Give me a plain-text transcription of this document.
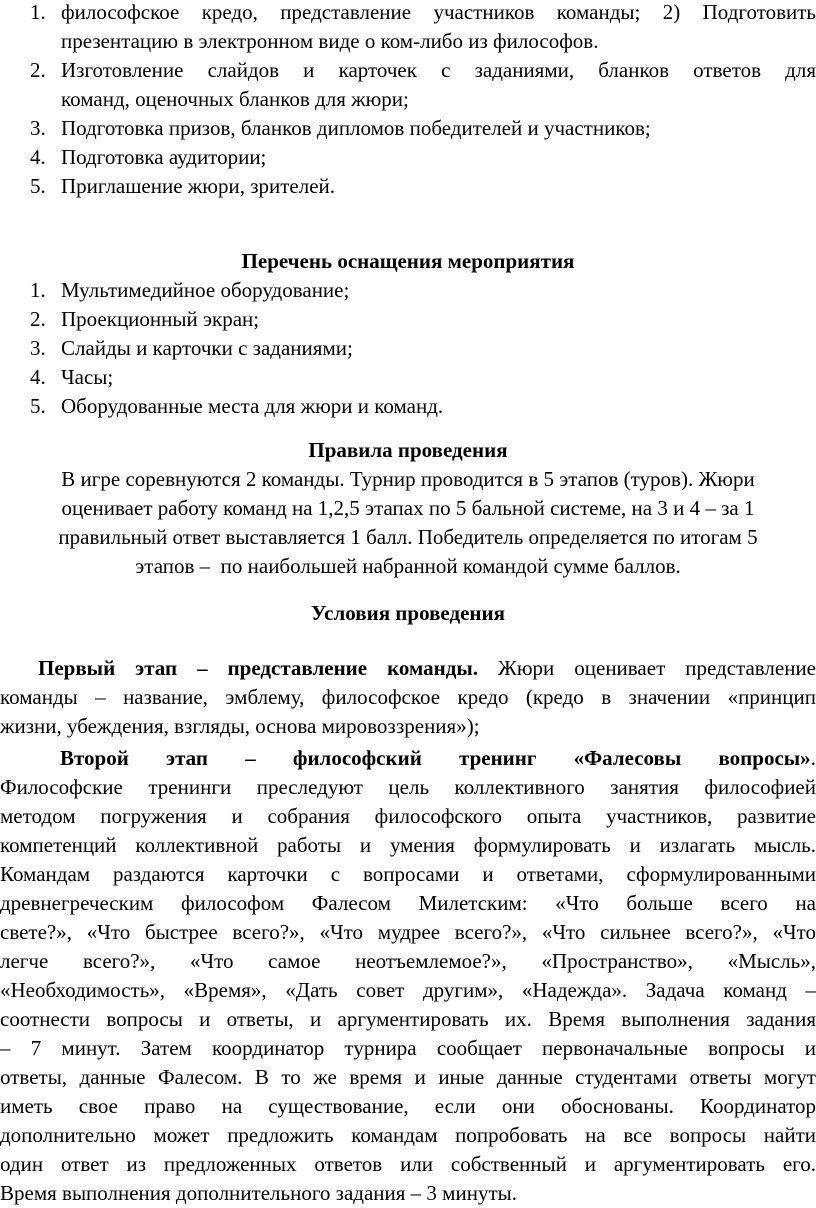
1. философское кредо, представление участников команды; 2) Подготовить
презентацию в электронном виде о ком-либо из философов.
2. Изготовление слайдов и карточек с заданиями, бланков ответов для
команд, оценочных бланков для жюри;
3. Подготовка призов, бланков дипломов победителей и участников;
4. Подготовка аудитории;
5. Приглашение жюри, зрителей.
Перечень оснащения мероприятия
1. Мультимедийное оборудование;
2. Проекционный экран;
3. Слайды и карточки с заданиями;
4. Часы;
5. Оборудованные места для жюри и команд.
Правила проведения
В игре соревнуются 2 команды. Турнир проводится в 5 этапов (туров). Жюри
оценивает работу команд на 1,2,5 этапах по 5 бальной системе, на 3 и 4 – за 1
правильный ответ выставляется 1 балл. Победитель определяется по итогам 5
этапов –  по наибольшей набранной командой сумме баллов.
Условия проведения
Первый этап – представление команды. Жюри оценивает представление
команды – название, эмблему, философское кредо (кредо в значении «принцип
жизни, убеждения, взгляды, основа мировоззрения»);
Второй этап – философский тренинг «Фалесовы вопросы».
Философские тренинги преследуют цель коллективного занятия философией
методом погружения и собрания философского опыта участников, развитие
компетенций коллективной работы и умения формулировать и излагать мысль.
Командам раздаются карточки с вопросами и ответами, сформулированными
древнегреческим философом Фалесом Милетским: «Что больше всего на
свете?», «Что быстрее всего?», «Что мудрее всего?», «Что сильнее всего?», «Что
легче всего?», «Что самое неотъемлемое?», «Пространство», «Мысль»,
«Необходимость», «Время», «Дать совет другим», «Надежда». Задача команд –
соотнести вопросы и ответы, и аргументировать их. Время выполнения задания
– 7 минут. Затем координатор турнира сообщает первоначальные вопросы и
ответы, данные Фалесом. В то же время и иные данные студентами ответы могут
иметь свое право на существование, если они обоснованы. Координатор
дополнительно может предложить командам попробовать на все вопросы найти
один ответ из предложенных ответов или собственный и аргументировать его.
Время выполнения дополнительного задания – 3 минуты.
